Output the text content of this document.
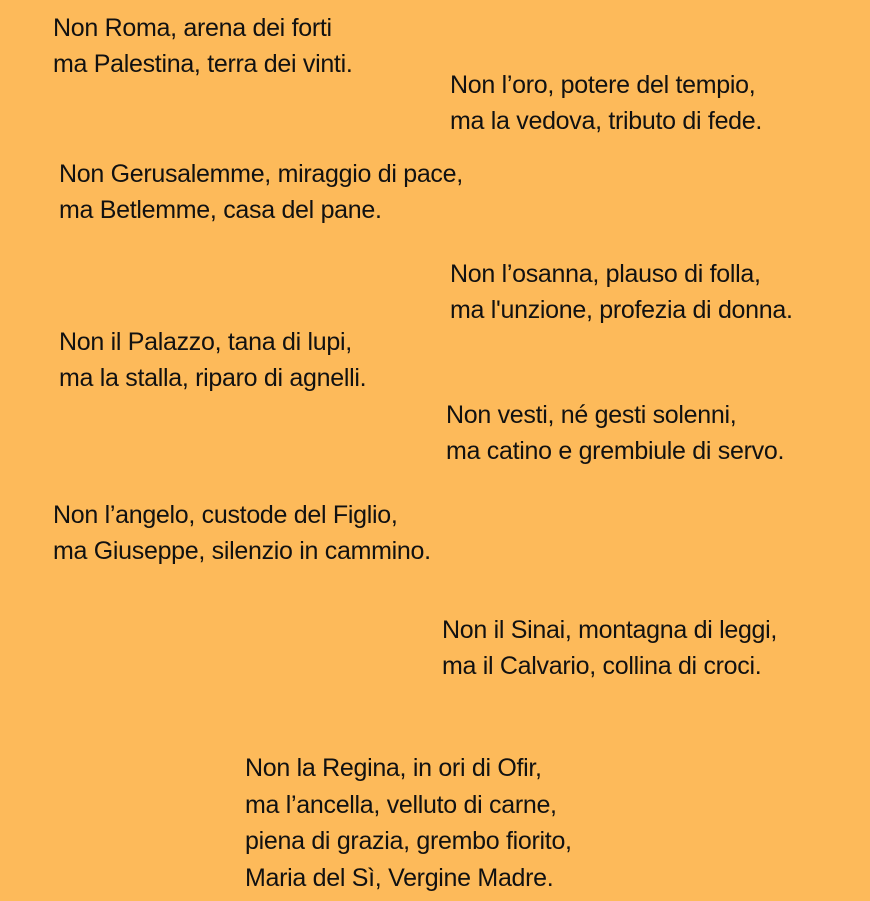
Non Roma, arena dei forti
ma Palestina, terra dei vinti.
Non l’oro, potere del tempio,
ma la vedova, tributo di fede.
Non Gerusalemme, miraggio di pace,
ma Betlemme, casa del pane.
Non l’osanna, plauso di folla,
ma l'unzione, profezia di donna.
Non il Palazzo, tana di lupi,
ma la stalla, riparo di agnelli.
Non vesti, né gesti solenni,
ma catino e grembiule di servo.
Non l’angelo, custode del Figlio,
ma Giuseppe, silenzio in cammino.
Non il Sinai, montagna di leggi,
ma il Calvario, collina di croci.
Non la Regina, in ori di Ofir,
ma l’ancella, velluto di carne,
piena di grazia, grembo fiorito,
Maria del Sì, Vergine Madre.
